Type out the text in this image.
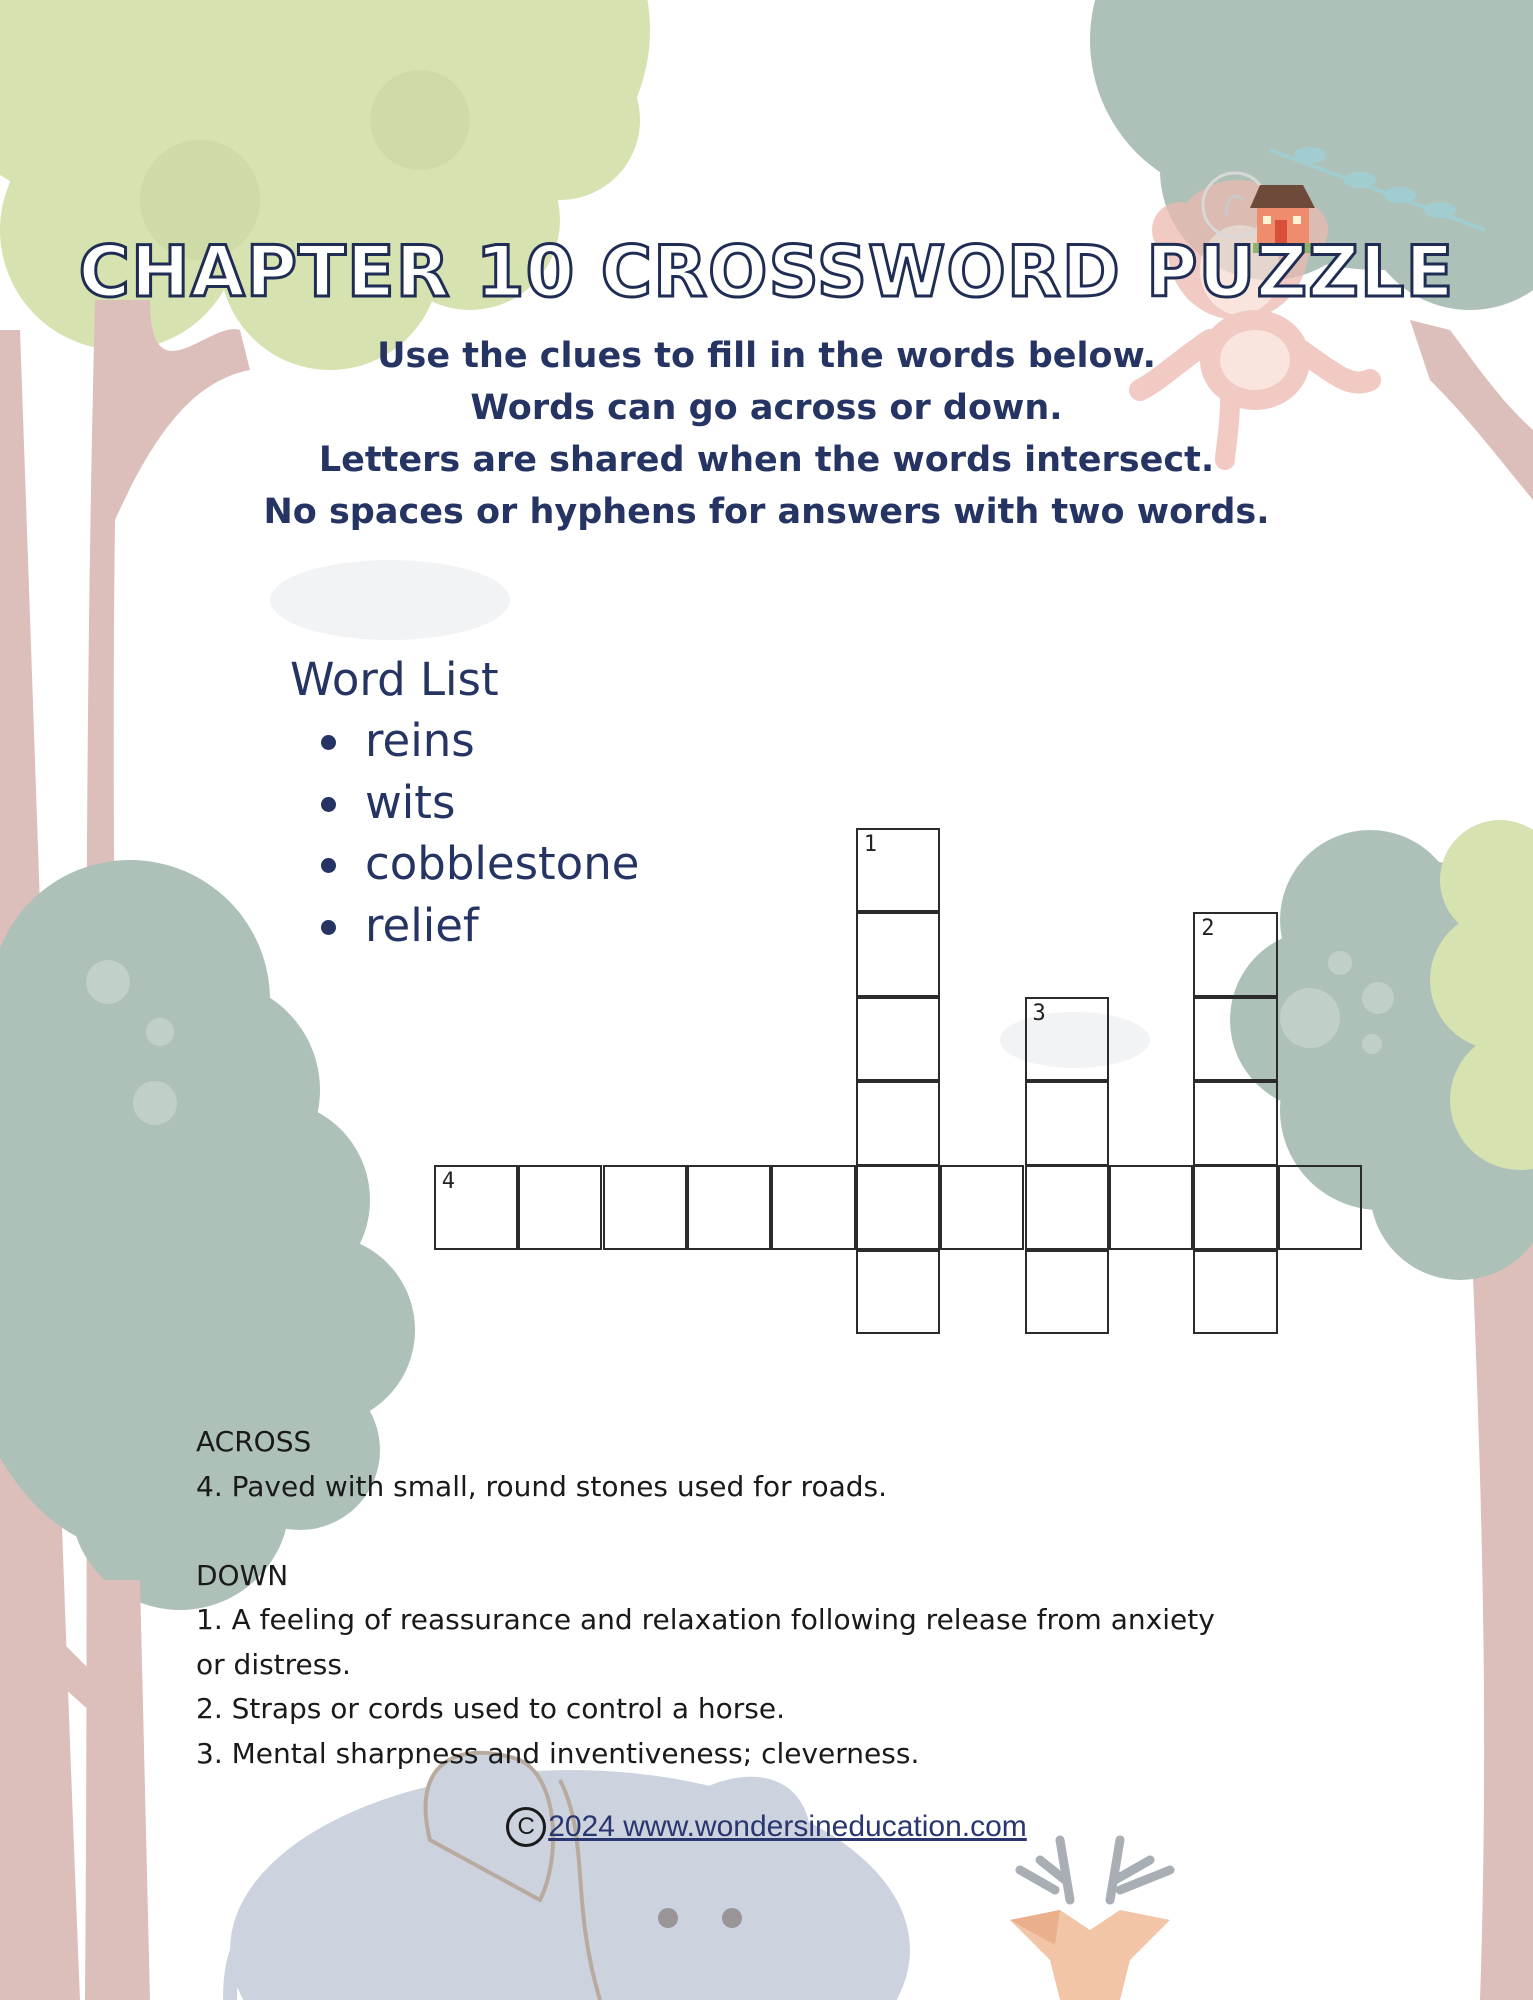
CHAPTER 10 CROSSWORD PUZZLE
Use the clues to fill in the words below.
Words can go across or down.
Letters are shared when the words intersect.
No spaces or hyphens for answers with two words.
Word List
reins
wits
cobblestone
relief
4
1
3
2
ACROSS
4. Paved with small, round stones used for roads.
DOWN
1. A feeling of reassurance and relaxation following release from anxiety
or distress.
2. Straps or cords used to control a horse.
3. Mental sharpness and inventiveness; cleverness.
C 2024 www.wondersineducation.com
